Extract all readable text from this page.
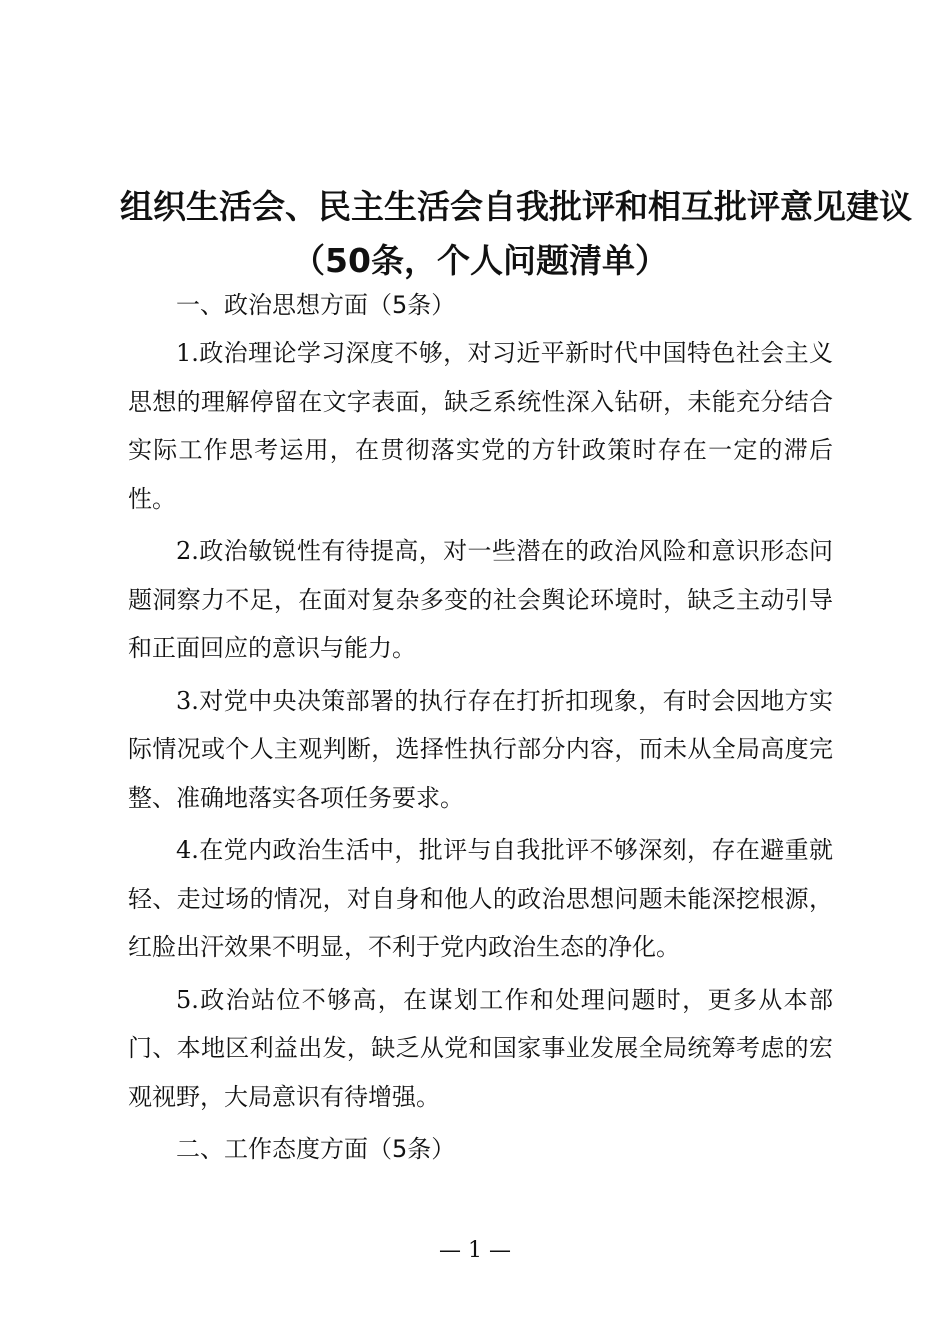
组织生活会、民主生活会自我批评和相互批评意见建议
（50条，个人问题清单）

一、政治思想方面（5条）

1.政治理论学习深度不够，对习近平新时代中国特色社会主义思想的理解停留在文字表面，缺乏系统性深入钻研，未能充分结合实际工作思考运用，在贯彻落实党的方针政策时存在一定的滞后性。

2.政治敏锐性有待提高，对一些潜在的政治风险和意识形态问题洞察力不足，在面对复杂多变的社会舆论环境时，缺乏主动引导和正面回应的意识与能力。

3.对党中央决策部署的执行存在打折扣现象，有时会因地方实际情况或个人主观判断，选择性执行部分内容，而未从全局高度完整、准确地落实各项任务要求。

4.在党内政治生活中，批评与自我批评不够深刻，存在避重就轻、走过场的情况，对自身和他人的政治思想问题未能深挖根源，红脸出汗效果不明显，不利于党内政治生态的净化。

5.政治站位不够高，在谋划工作和处理问题时，更多从本部门、本地区利益出发，缺乏从党和国家事业发展全局统筹考虑的宏观视野，大局意识有待增强。

二、工作态度方面（5条）

— 1 —
